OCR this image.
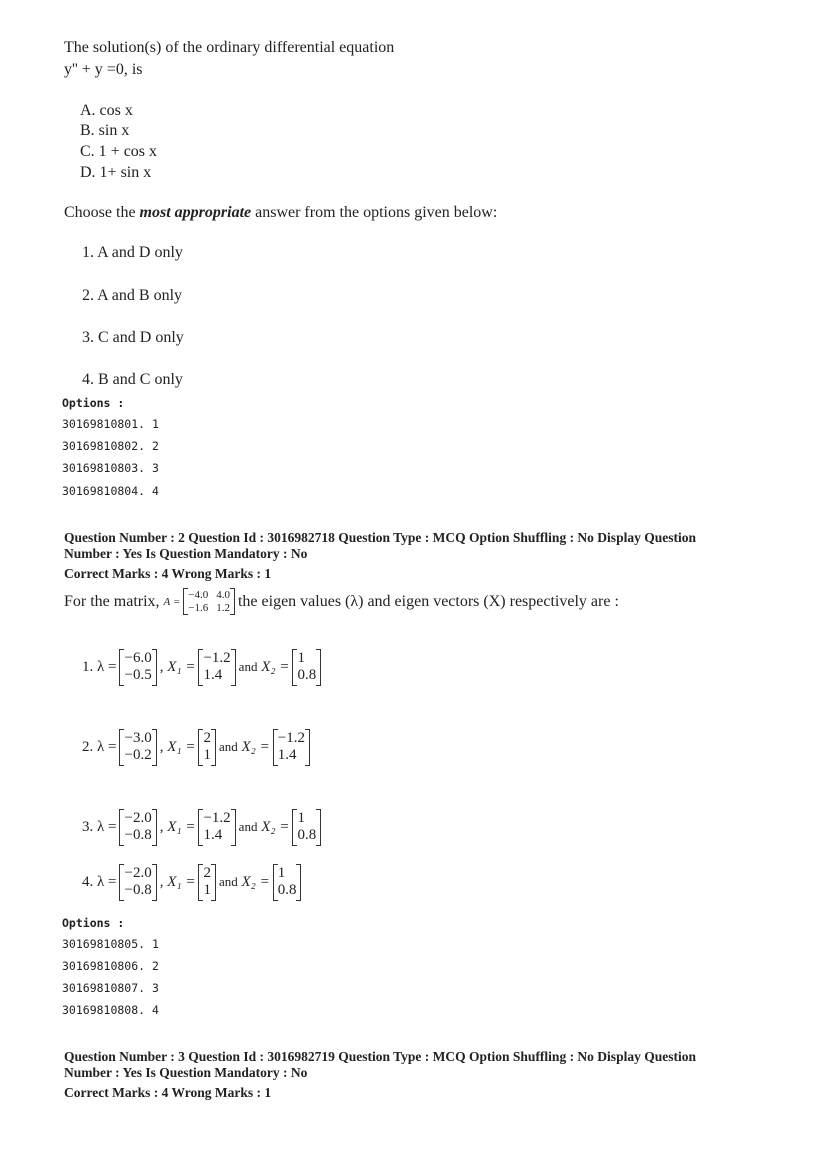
The solution(s) of the ordinary differential equation
y'' + y =0, is
A. cos x
B. sin x
C. 1 + cos x
D. 1+ sin x
Choose the most appropriate answer from the options given below:
1. A and D only
2. A and B only
3. C and D only
4. B and C only
Options :
30169810801. 1
30169810802. 2
30169810803. 3
30169810804. 4
Question Number : 2 Question Id : 3016982718 Question Type : MCQ Option Shuffling : No Display Question
Number : Yes Is Question Mandatory : No
Correct Marks : 4 Wrong Marks : 1
For the matrix,
A =
−4.0 4.0
−1.6 1.2 the eigen values (λ) and eigen vectors (X) respectively are :
1. λ =
−6.0
−0.5
, X₁ =
−1.2
1.4
and
X₂ =
1
0.8
2. λ =
−3.0
−0.2
, X₁ =
2
1
and
X₂ =
−1.2
1.4
3. λ =
−2.0
−0.8
, X₁ =
−1.2
1.4
and
X₂ =
1
0.8
4. λ =
−2.0
−0.8
, X₁ =
2
1
and
X₂ =
1
0.8
Options :
30169810805. 1
30169810806. 2
30169810807. 3
30169810808. 4
Question Number : 3 Question Id : 3016982719 Question Type : MCQ Option Shuffling : No Display Question
Number : Yes Is Question Mandatory : No
Correct Marks : 4 Wrong Marks : 1
